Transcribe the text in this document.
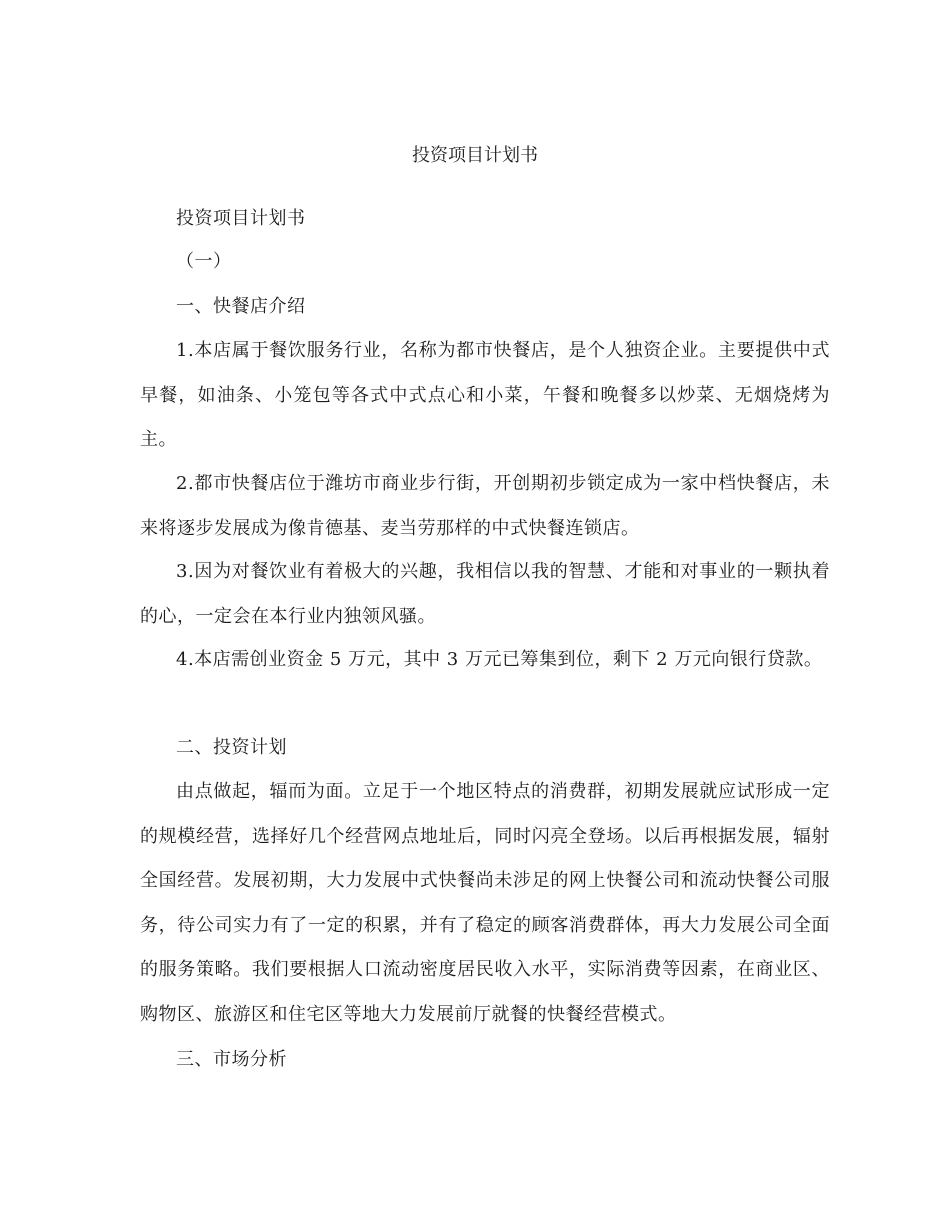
投资项目计划书

投资项目计划书

（一）

一、快餐店介绍

1.本店属于餐饮服务行业，名称为都市快餐店，是个人独资企业。主要提供中式早餐，如油条、小笼包等各式中式点心和小菜，午餐和晚餐多以炒菜、无烟烧烤为主。

2.都市快餐店位于潍坊市商业步行街，开创期初步锁定成为一家中档快餐店，未来将逐步发展成为像肯德基、麦当劳那样的中式快餐连锁店。

3.因为对餐饮业有着极大的兴趣，我相信以我的智慧、才能和对事业的一颗执着的心，一定会在本行业内独领风骚。

4.本店需创业资金 5 万元，其中 3 万元已筹集到位，剩下 2 万元向银行贷款。

二、投资计划

由点做起，辐而为面。立足于一个地区特点的消费群，初期发展就应试形成一定的规模经营，选择好几个经营网点地址后，同时闪亮全登场。以后再根据发展，辐射全国经营。发展初期，大力发展中式快餐尚未涉足的网上快餐公司和流动快餐公司服务，待公司实力有了一定的积累，并有了稳定的顾客消费群体，再大力发展公司全面的服务策略。我们要根据人口流动密度居民收入水平，实际消费等因素，在商业区、购物区、旅游区和住宅区等地大力发展前厅就餐的快餐经营模式。

三、市场分析
